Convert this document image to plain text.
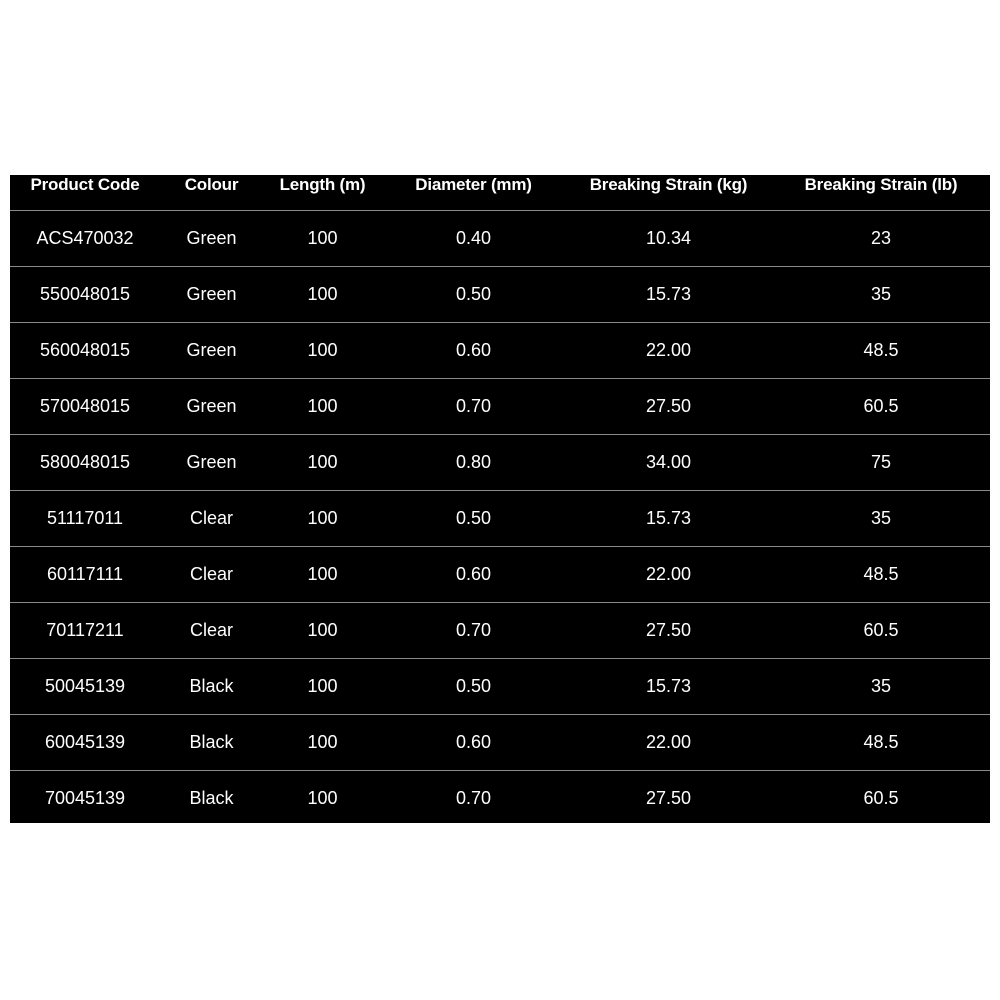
Product Code	Colour	Length (m)	Diameter (mm)	Breaking Strain (kg)	Breaking Strain (lb)
ACS470032	Green	100	0.40	10.34	23
550048015	Green	100	0.50	15.73	35
560048015	Green	100	0.60	22.00	48.5
570048015	Green	100	0.70	27.50	60.5
580048015	Green	100	0.80	34.00	75
51117011	Clear	100	0.50	15.73	35
60117111	Clear	100	0.60	22.00	48.5
70117211	Clear	100	0.70	27.50	60.5
50045139	Black	100	0.50	15.73	35
60045139	Black	100	0.60	22.00	48.5
70045139	Black	100	0.70	27.50	60.5
